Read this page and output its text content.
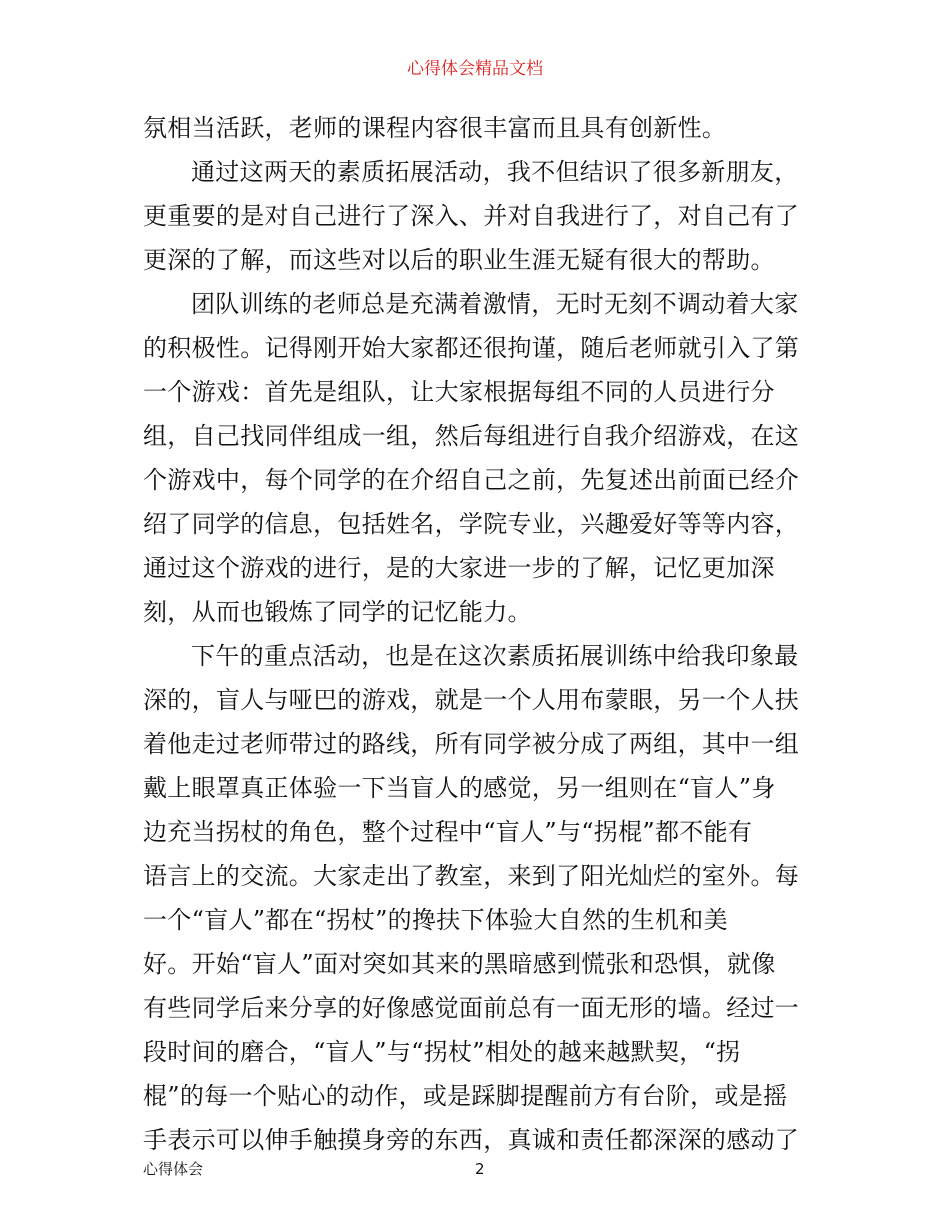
心得体会精品文档
氛相当活跃，老师的课程内容很丰富而且具有创新性。
通过这两天的素质拓展活动，我不但结识了很多新朋友，
更重要的是对自己进行了深入、并对自我进行了，对自己有了
更深的了解，而这些对以后的职业生涯无疑有很大的帮助。
团队训练的老师总是充满着激情，无时无刻不调动着大家
的积极性。记得刚开始大家都还很拘谨，随后老师就引入了第
一个游戏：首先是组队，让大家根据每组不同的人员进行分
组，自己找同伴组成一组，然后每组进行自我介绍游戏，在这
个游戏中，每个同学的在介绍自己之前，先复述出前面已经介
绍了同学的信息，包括姓名，学院专业，兴趣爱好等等内容，
通过这个游戏的进行，是的大家进一步的了解，记忆更加深
刻，从而也锻炼了同学的记忆能力。
下午的重点活动，也是在这次素质拓展训练中给我印象最
深的，盲人与哑巴的游戏，就是一个人用布蒙眼，另一个人扶
着他走过老师带过的路线，所有同学被分成了两组，其中一组
戴上眼罩真正体验一下当盲人的感觉，另一组则在“盲人”身
边充当拐杖的角色，整个过程中“盲人”与“拐棍”都不能有
语言上的交流。大家走出了教室，来到了阳光灿烂的室外。每
一个“盲人”都在“拐杖”的搀扶下体验大自然的生机和美
好。开始“盲人”面对突如其来的黑暗感到慌张和恐惧，就像
有些同学后来分享的好像感觉面前总有一面无形的墙。经过一
段时间的磨合，“盲人”与“拐杖”相处的越来越默契，“拐
棍”的每一个贴心的动作，或是踩脚提醒前方有台阶，或是摇
手表示可以伸手触摸身旁的东西，真诚和责任都深深的感动了
心得体会	2
